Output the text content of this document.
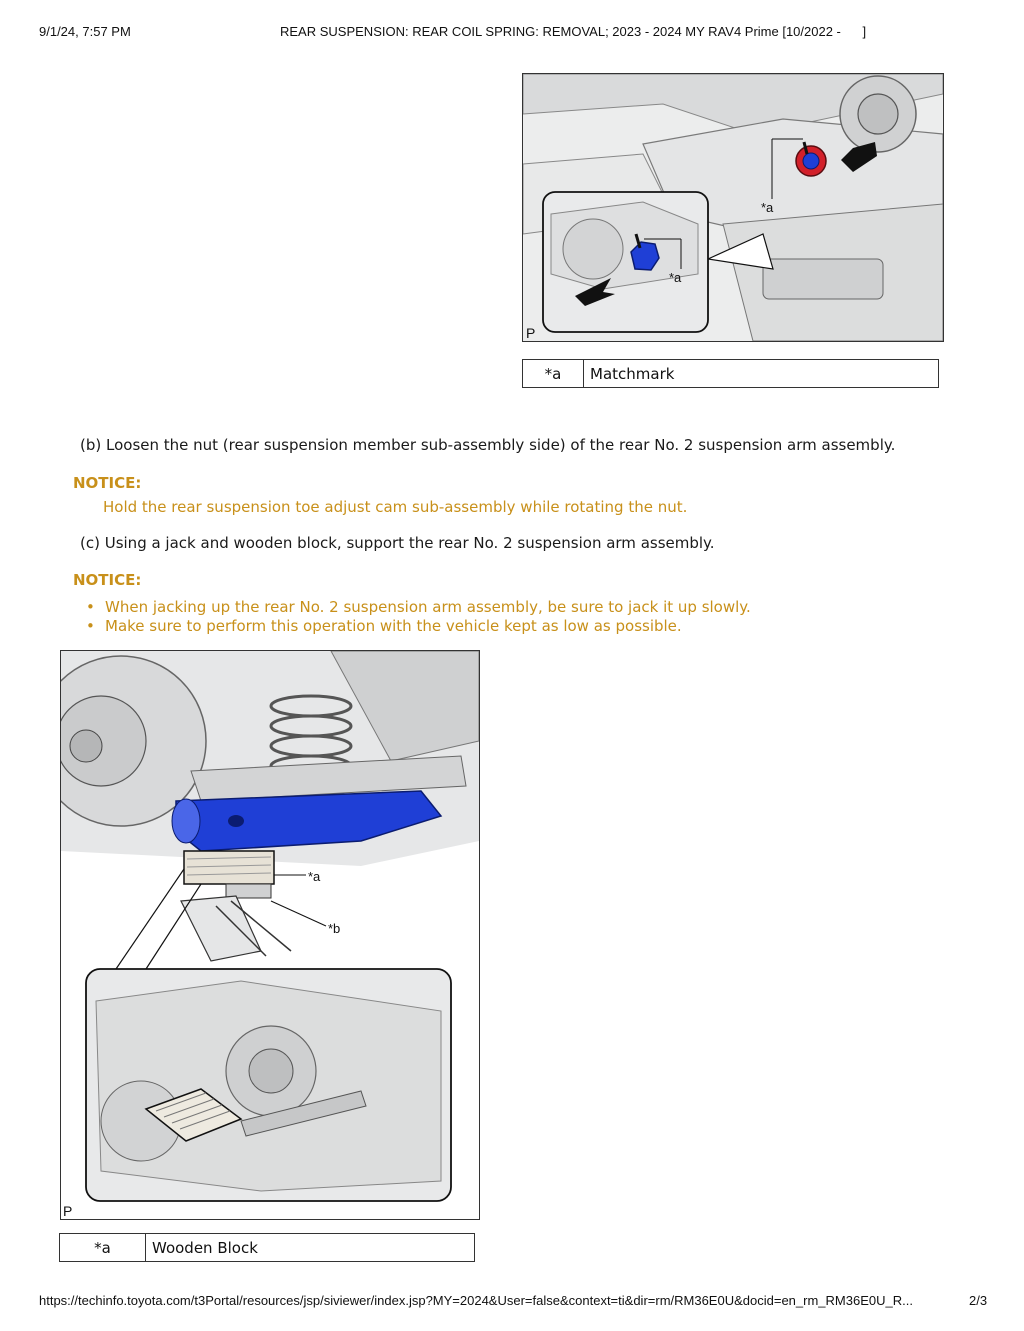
9/1/24, 7:57 PM	REAR SUSPENSION: REAR COIL SPRING: REMOVAL; 2023 - 2024 MY RAV4 Prime [10/2022 -      ]
*a
*a
P
*a	Matchmark
(b) Loosen the nut (rear suspension member sub-assembly side) of the rear No. 2 suspension arm assembly.
NOTICE:
Hold the rear suspension toe adjust cam sub-assembly while rotating the nut.
(c) Using a jack and wooden block, support the rear No. 2 suspension arm assembly.
NOTICE:
• When jacking up the rear No. 2 suspension arm assembly, be sure to jack it up slowly.
• Make sure to perform this operation with the vehicle kept as low as possible.
*a
*b
P
*a	Wooden Block
https://techinfo.toyota.com/t3Portal/resources/jsp/siviewer/index.jsp?MY=2024&User=false&context=ti&dir=rm/RM36E0U&docid=en_rm_RM36E0U_R...	2/3
